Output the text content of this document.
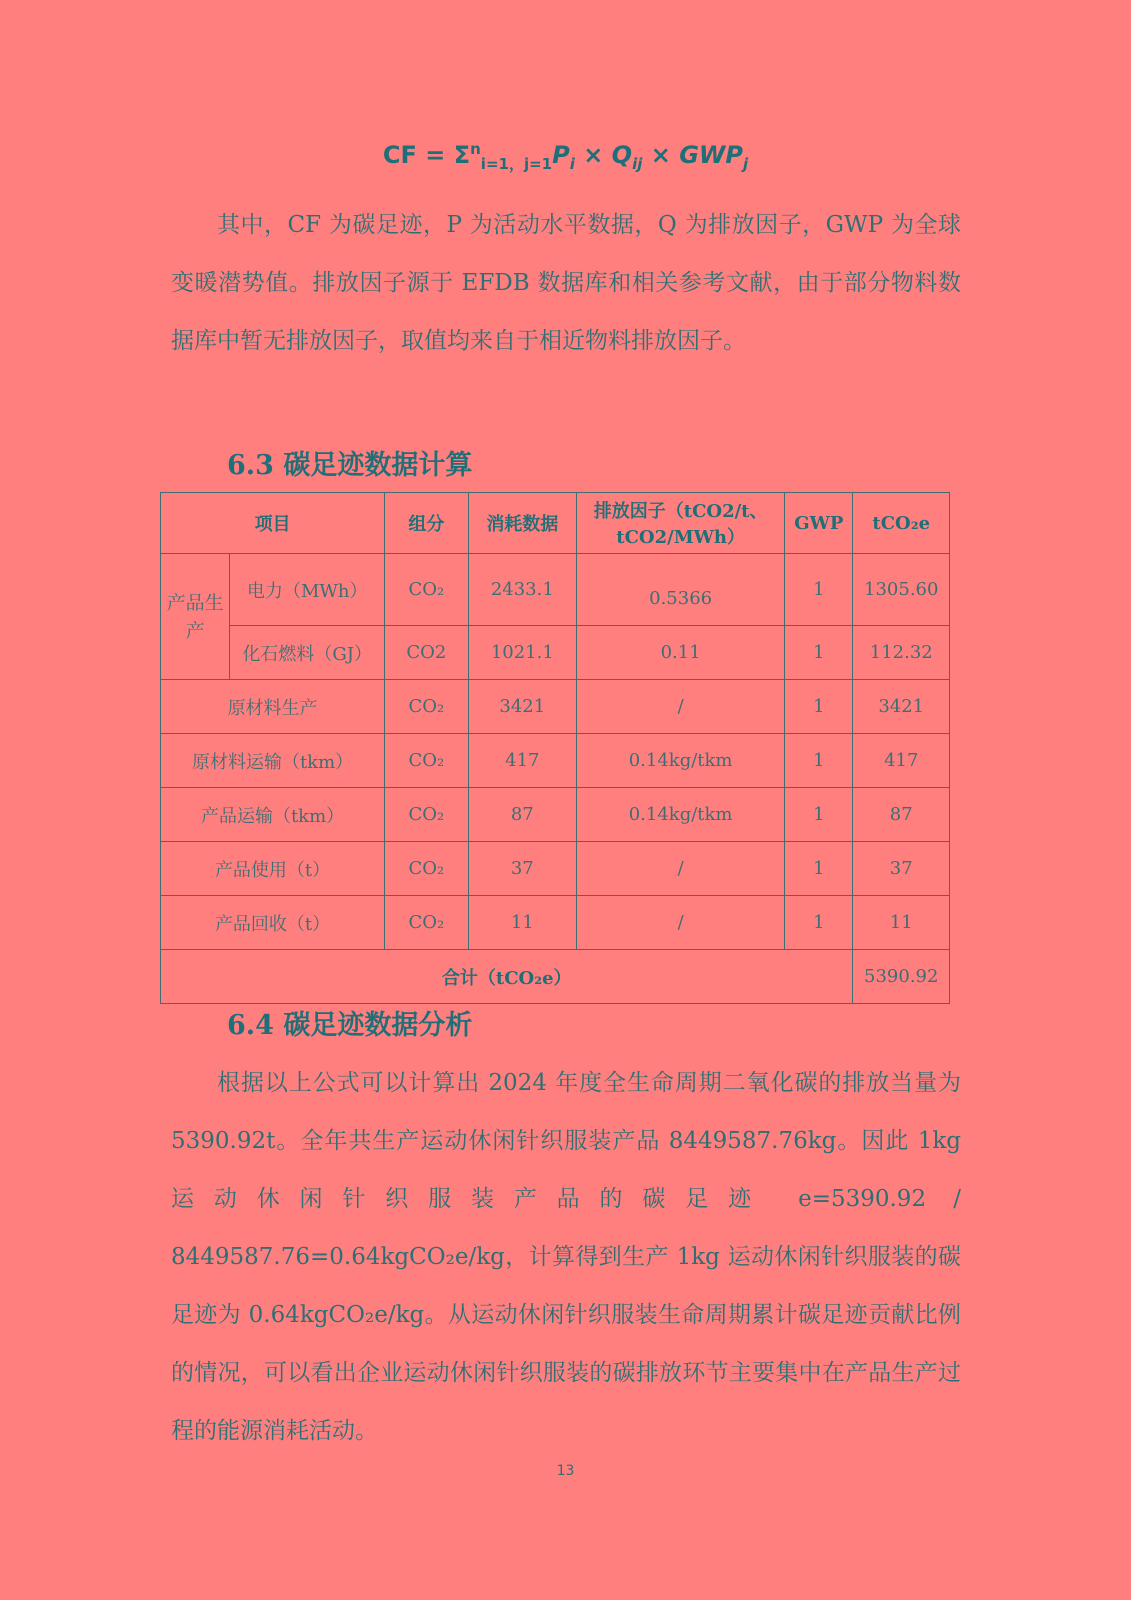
CF = $\Sigma^n_{i=1,j=1}P_i \times Q_{ij} \times GWP_j$

其中，CF 为碳足迹，P 为活动水平数据，Q 为排放因子，GWP 为全球变暖潜势值。排放因子源于 EFDB 数据库和相关参考文献，由于部分物料数据库中暂无排放因子，取值均来自于相近物料排放因子。

6.3 碳足迹数据计算
项目		组分	消耗数据	排放因子（tCO2/t、tCO2/MWh）	GWP	tCO₂e
产品生产	电力（MWh）	CO₂	2433.1	0.5366	1	1305.60
	化石燃料（GJ）	CO2	1021.1	0.11	1	112.32
原材料生产		CO₂	3421	/	1	3421
原材料运输（tkm）		CO₂	417	0.14kg/tkm	1	417
产品运输（tkm）		CO₂	87	0.14kg/tkm	1	87
产品使用（t）		CO₂	37	/	1	37
产品回收（t）		CO₂	11	/	1	11
合计（tCO₂e）						5390.92
6.4 碳足迹数据分析

根据以上公式可以计算出 2024 年度全生命周期二氧化碳的排放当量为 5390.92t。全年共生产运动休闲针织服装产品 8449587.76kg。因此 1kg 运动休闲针织服装产品的碳足迹 e=5390.92 / 8449587.76=0.64kgCO₂e/kg，计算得到生产 1kg 运动休闲针织服装的碳足迹为 0.64kgCO₂e/kg。从运动休闲针织服装生命周期累计碳足迹贡献比例的情况，可以看出企业运动休闲针织服装的碳排放环节主要集中在产品生产过程的能源消耗活动。

13
